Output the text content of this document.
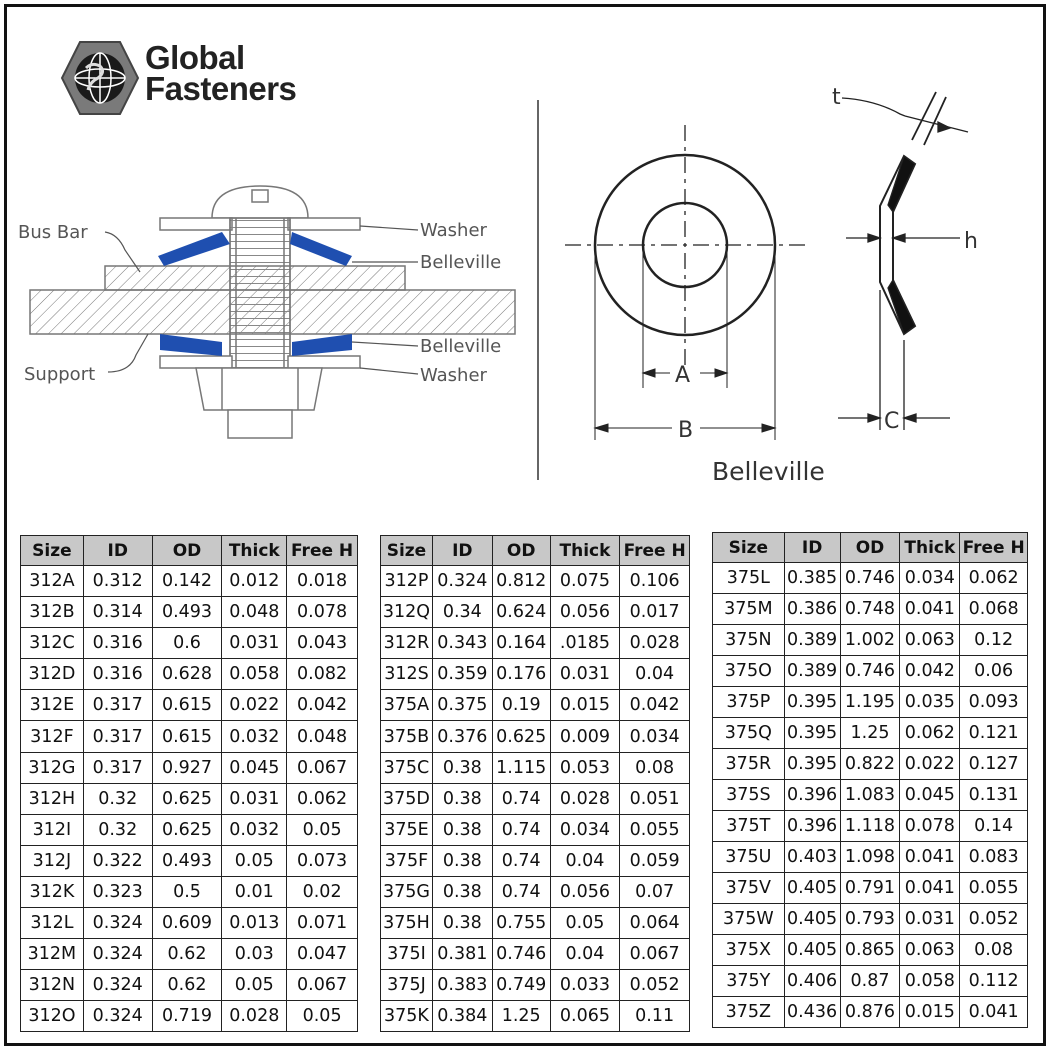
Global
Fasteners
Bus Bar
Support
Washer
Belleville
Belleville
Washer	A
B	C
t
h
Belleville
Size	ID	OD	Thick	Free H
312A	0.312	0.142	0.012	0.018
312B	0.314	0.493	0.048	0.078
312C	0.316	0.6	0.031	0.043
312D	0.316	0.628	0.058	0.082
312E	0.317	0.615	0.022	0.042
312F	0.317	0.615	0.032	0.048
312G	0.317	0.927	0.045	0.067
312H	0.32	0.625	0.031	0.062
312I	0.32	0.625	0.032	0.05
312J	0.322	0.493	0.05	0.073
312K	0.323	0.5	0.01	0.02
312L	0.324	0.609	0.013	0.071
312M	0.324	0.62	0.03	0.047
312N	0.324	0.62	0.05	0.067
312O	0.324	0.719	0.028	0.05
Size	ID	OD	Thick	Free H
312P	0.324	0.812	0.075	0.106
312Q	0.34	0.624	0.056	0.017
312R	0.343	0.164	.0185	0.028
312S	0.359	0.176	0.031	0.04
375A	0.375	0.19	0.015	0.042
375B	0.376	0.625	0.009	0.034
375C	0.38	1.115	0.053	0.08
375D	0.38	0.74	0.028	0.051
375E	0.38	0.74	0.034	0.055
375F	0.38	0.74	0.04	0.059
375G	0.38	0.74	0.056	0.07
375H	0.38	0.755	0.05	0.064
375I	0.381	0.746	0.04	0.067
375J	0.383	0.749	0.033	0.052
375K	0.384	1.25	0.065	0.11
Size	ID	OD	Thick	Free H
375L	0.385	0.746	0.034	0.062
375M	0.386	0.748	0.041	0.068
375N	0.389	1.002	0.063	0.12
375O	0.389	0.746	0.042	0.06
375P	0.395	1.195	0.035	0.093
375Q	0.395	1.25	0.062	0.121
375R	0.395	0.822	0.022	0.127
375S	0.396	1.083	0.045	0.131
375T	0.396	1.118	0.078	0.14
375U	0.403	1.098	0.041	0.083
375V	0.405	0.791	0.041	0.055
375W	0.405	0.793	0.031	0.052
375X	0.405	0.865	0.063	0.08
375Y	0.406	0.87	0.058	0.112
375Z	0.436	0.876	0.015	0.041
